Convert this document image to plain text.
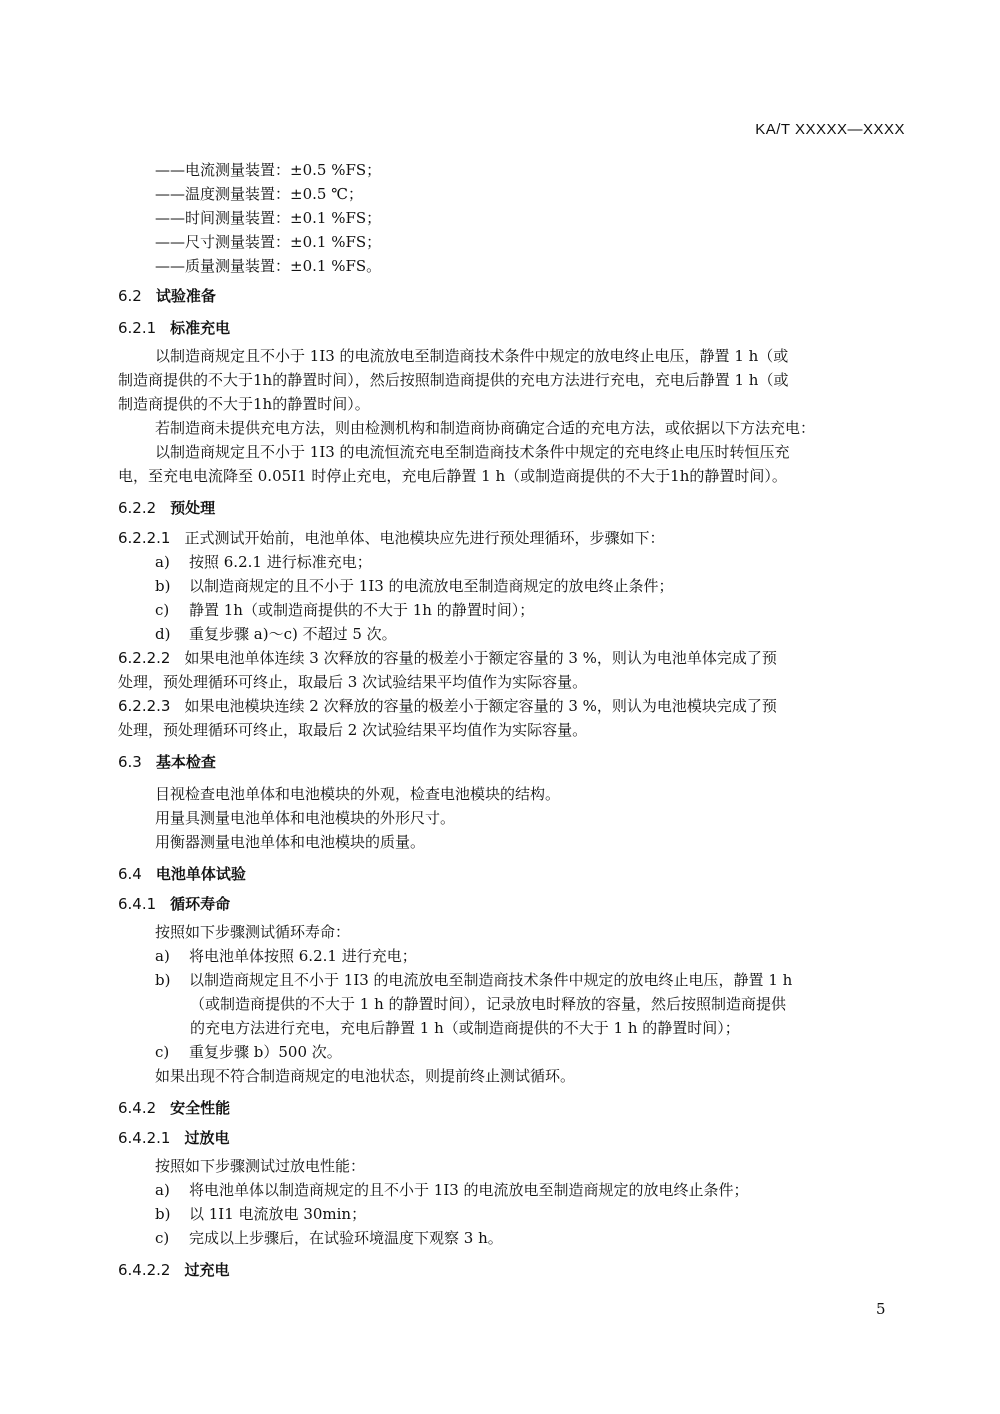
KA/T XXXXX—XXXX
——电流测量装置：±0.5 %FS；
——温度测量装置：±0.5 ℃；
——时间测量装置：±0.1 %FS；
——尺寸测量装置：±0.1 %FS；
——质量测量装置：±0.1 %FS。
6.2 试验准备
6.2.1 标准充电
以制造商规定且不小于 1I3 的电流放电至制造商技术条件中规定的放电终止电压，静置 1 h（或
制造商提供的不大于1h的静置时间），然后按照制造商提供的充电方法进行充电，充电后静置 1 h（或
制造商提供的不大于1h的静置时间）。
若制造商未提供充电方法，则由检测机构和制造商协商确定合适的充电方法，或依据以下方法充电：
以制造商规定且不小于 1I3 的电流恒流充电至制造商技术条件中规定的充电终止电压时转恒压充
电，至充电电流降至 0.05I1 时停止充电，充电后静置 1 h（或制造商提供的不大于1h的静置时间）。
6.2.2 预处理
6.2.2.1 正式测试开始前，电池单体、电池模块应先进行预处理循环，步骤如下：
a) 按照 6.2.1 进行标准充电；
b) 以制造商规定的且不小于 1I3 的电流放电至制造商规定的放电终止条件；
c) 静置 1h（或制造商提供的不大于 1h 的静置时间）；
d) 重复步骤 a)～c) 不超过 5 次。
6.2.2.2 如果电池单体连续 3 次释放的容量的极差小于额定容量的 3 %，则认为电池单体完成了预
处理，预处理循环可终止，取最后 3 次试验结果平均值作为实际容量。
6.2.2.3 如果电池模块连续 2 次释放的容量的极差小于额定容量的 3 %，则认为电池模块完成了预
处理，预处理循环可终止，取最后 2 次试验结果平均值作为实际容量。
6.3 基本检查
目视检查电池单体和电池模块的外观，检查电池模块的结构。
用量具测量电池单体和电池模块的外形尺寸。
用衡器测量电池单体和电池模块的质量。
6.4 电池单体试验
6.4.1 循环寿命
按照如下步骤测试循环寿命：
a) 将电池单体按照 6.2.1 进行充电；
b) 以制造商规定且不小于 1I3 的电流放电至制造商技术条件中规定的放电终止电压，静置 1 h
（或制造商提供的不大于 1 h 的静置时间），记录放电时释放的容量，然后按照制造商提供
的充电方法进行充电，充电后静置 1 h（或制造商提供的不大于 1 h 的静置时间）；
c) 重复步骤 b）500 次。
如果出现不符合制造商规定的电池状态，则提前终止测试循环。
6.4.2 安全性能
6.4.2.1 过放电
按照如下步骤测试过放电性能：
a) 将电池单体以制造商规定的且不小于 1I3 的电流放电至制造商规定的放电终止条件；
b) 以 1I1 电流放电 30min；
c) 完成以上步骤后，在试验环境温度下观察 3 h。
6.4.2.2 过充电
5
